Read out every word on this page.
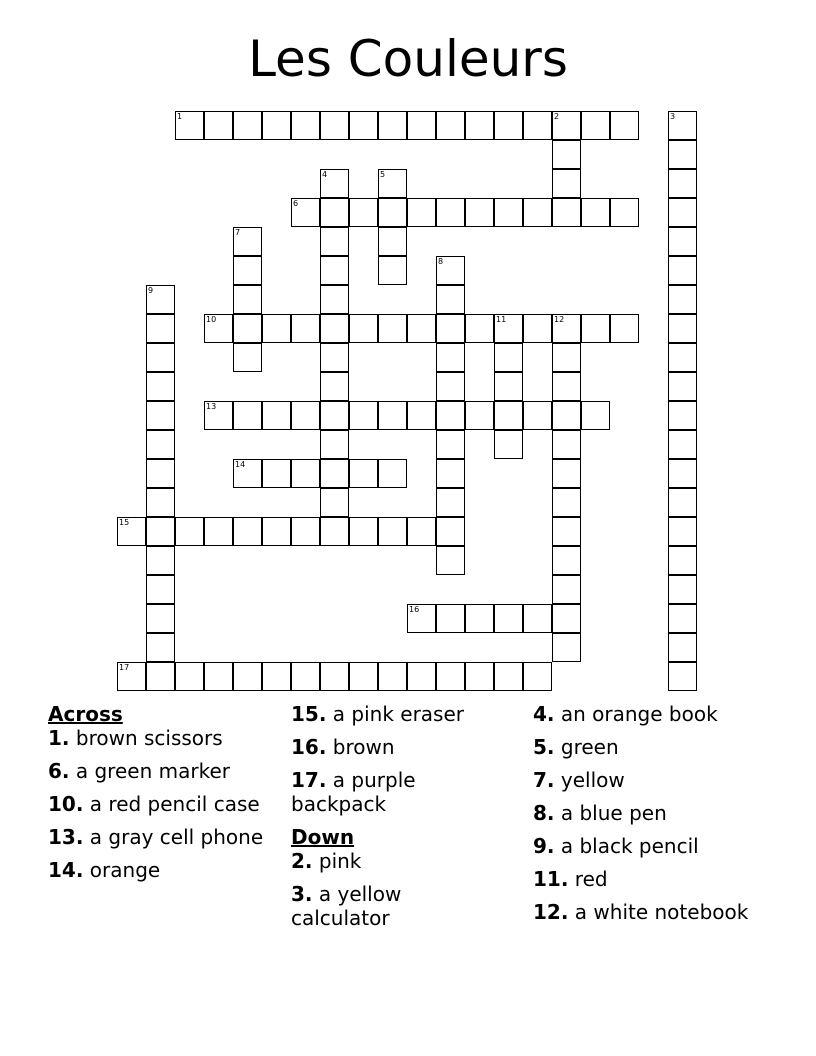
Les Couleurs
1	2	3
4	5
6
7
8
9
10	11	12
13
14
15
16
17
Across
1. brown scissors
6. a green marker
10. a red pencil case
13. a gray cell phone
14. orange
15. a pink eraser
16. brown
17. a purple backpack
Down
2. pink
3. a yellow calculator
4. an orange book
5. green
7. yellow
8. a blue pen
9. a black pencil
11. red
12. a white notebook
